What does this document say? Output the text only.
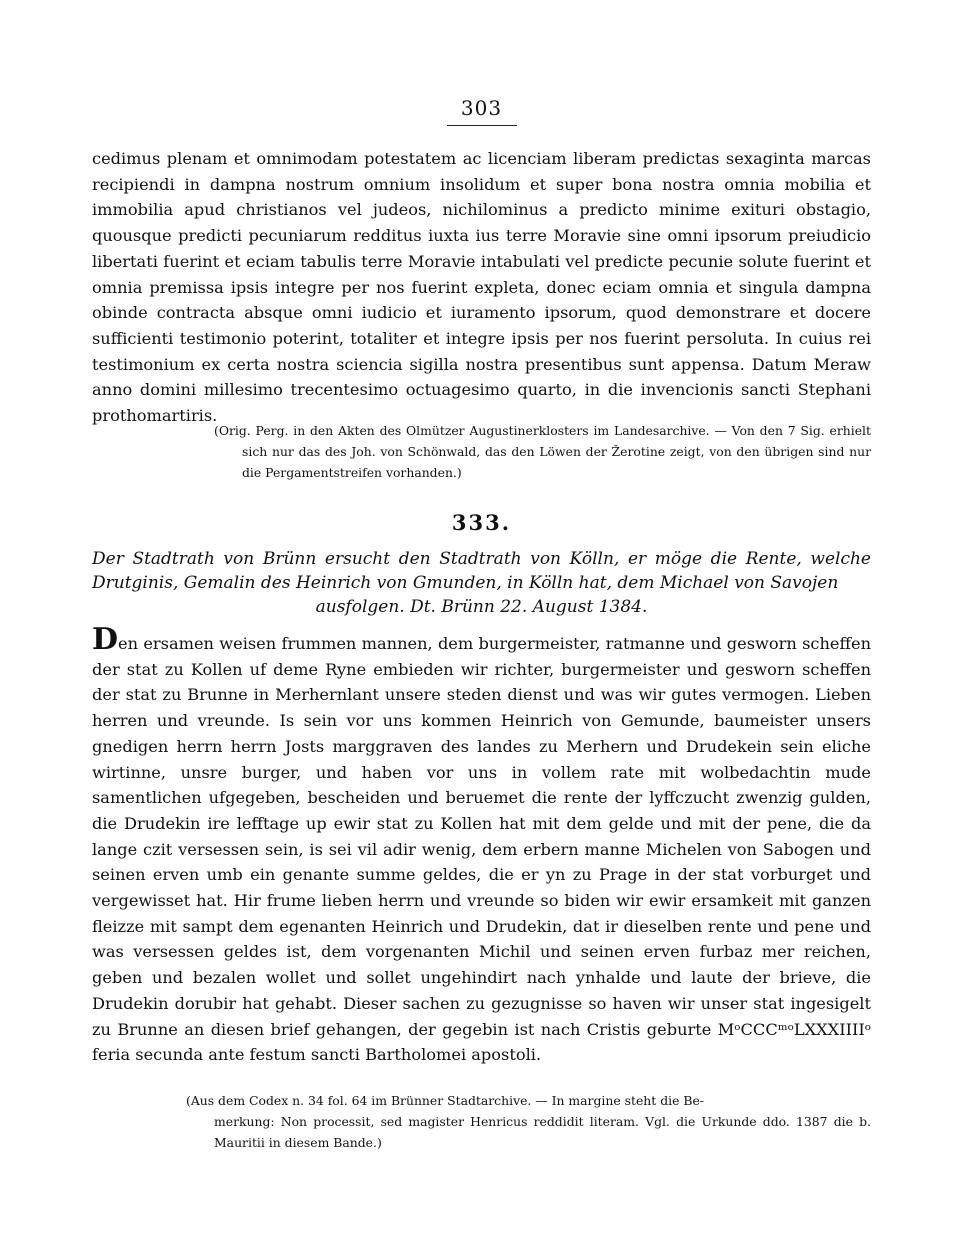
303

cedimus plenam et omnimodam potestatem ac licenciam liberam predictas sexaginta marcas recipiendi in dampna nostrum omnium insolidum et super bona nostra omnia mobilia et immobilia apud christianos vel judeos, nichilominus a predicto minime exituri obstagio, quousque predicti pecuniarum redditus iuxta ius terre Moravie sine omni ipsorum preiudicio libertati fuerint et eciam tabulis terre Moravie intabulati vel predicte pecunie solute fuerint et omnia premissa ipsis integre per nos fuerint expleta, donec eciam omnia et singula dampna obinde contracta absque omni iudicio et iuramento ipsorum, quod demonstrare et docere sufficienti testimonio poterint, totaliter et integre ipsis per nos fuerint persoluta. In cuius rei testimonium ex certa nostra sciencia sigilla nostra presentibus sunt appensa. Datum Meraw anno domini millesimo trecentesimo octuagesimo quarto, in die invencionis sancti Stephani prothomartiris.

(Orig. Perg. in den Akten des Olmützer Augustinerklosters im Landesarchive. — Von den 7 Sig. erhielt sich nur das des Joh. von Schönwald, das den Löwen der Žerotine zeigt, von den übrigen sind nur die Pergamentstreifen vorhanden.)
333.
Der Stadtrath von Brünn ersucht den Stadtrath von Kölln, er möge die Rente, welche Drutginis, Gemalin des Heinrich von Gmunden, in Kölln hat, dem Michael von Savojen
ausfolgen. Dt. Brünn 22. August 1384.

Den ersamen weisen frummen mannen, dem burgermeister, ratmanne und gesworn scheffen der stat zu Kollen uf deme Ryne embieden wir richter, burgermeister und gesworn scheffen der stat zu Brunne in Merhernlant unsere steden dienst und was wir gutes vermogen. Lieben herren und vreunde. Is sein vor uns kommen Heinrich von Gemunde, baumeister unsers gnedigen herrn herrn Josts marggraven des landes zu Merhern und Drudekein sein eliche wirtinne, unsre burger, und haben vor uns in vollem rate mit wolbedachtin mude samentlichen ufgegeben, bescheiden und beruemet die rente der lyffczucht zwenzig gulden, die Drudekin ire lefftage up ewir stat zu Kollen hat mit dem gelde und mit der pene, die da lange czit versessen sein, is sei vil adir wenig, dem erbern manne Michelen von Sabogen und seinen erven umb ein genante summe geldes, die er yn zu Prage in der stat vorburget und vergewisset hat. Hir frume lieben herrn und vreunde so biden wir ewir ersamkeit mit ganzen fleizze mit sampt dem egenanten Heinrich und Drudekin, dat ir dieselben rente und pene und was versessen geldes ist, dem vorgenanten Michil und seinen erven furbaz mer reichen, geben und bezalen wollet und sollet ungehindirt nach ynhalde und laute der brieve, die Drudekin dorubir hat gehabt. Dieser sachen zu gezugnisse so haven wir unser stat ingesigelt zu Brunne an diesen brief gehangen, der gegebin ist nach Cristis geburte MᵒCCCᵐᵒLXXXIIIIᵒ feria secunda ante festum sancti Bartholomei apostoli.

(Aus dem Codex n. 34 fol. 64 im Brünner Stadtarchive. — In margine steht die Be-
merkung: Non processit, sed magister Henricus reddidit literam. Vgl. die Urkunde ddo. 1387 die b. Mauritii in diesem Bande.)
